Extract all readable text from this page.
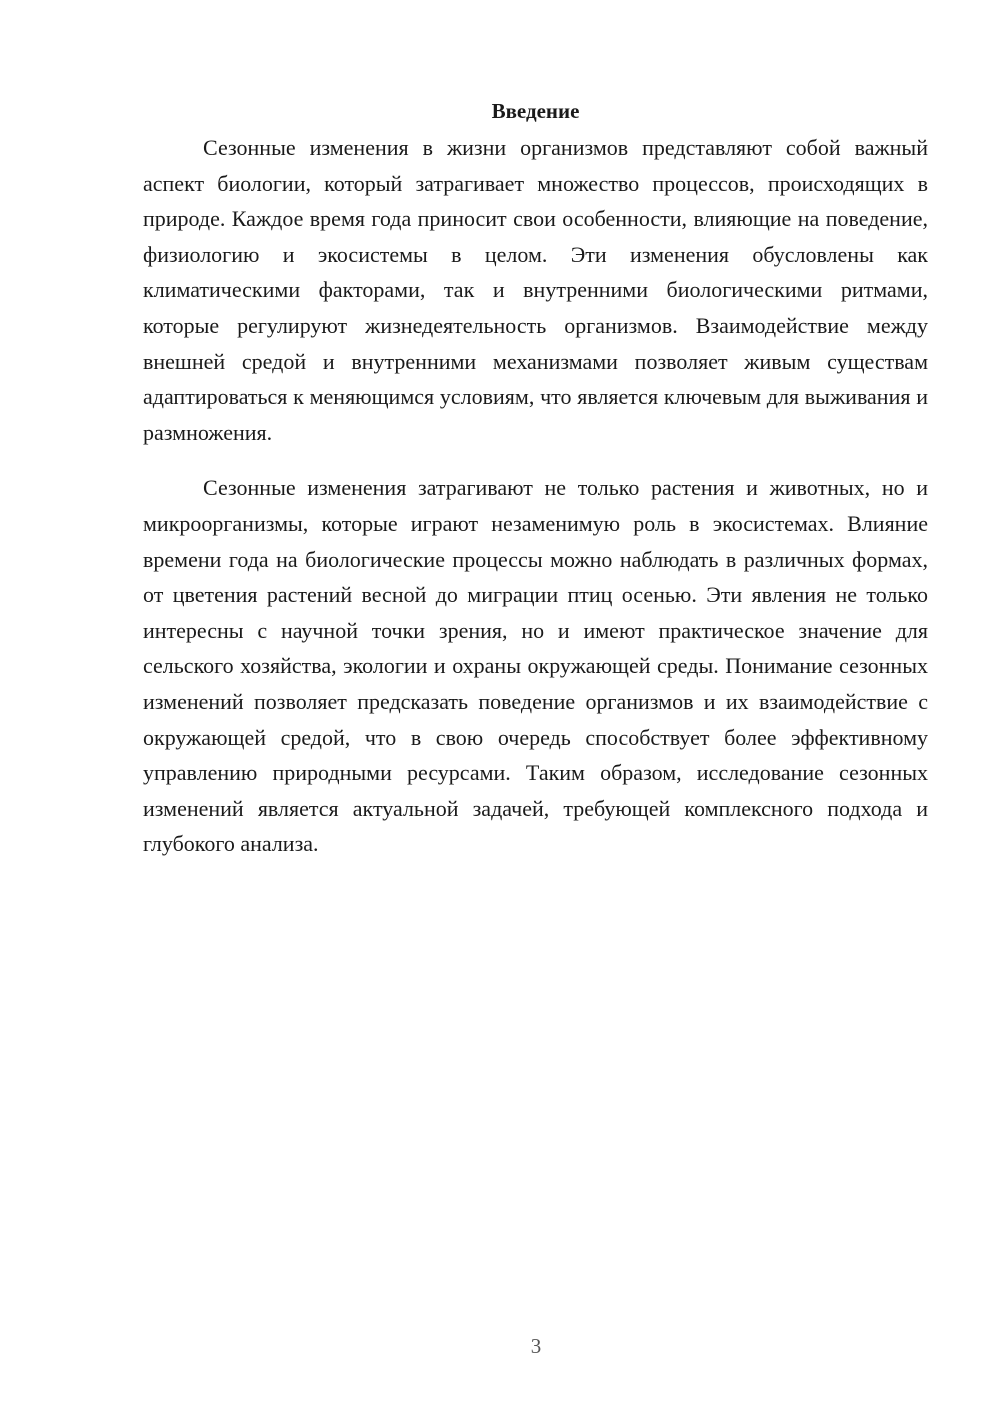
Введение

Сезонные изменения в жизни организмов представляют собой важный аспект биологии, который затрагивает множество процессов, происходящих в природе. Каждое время года приносит свои особенности, влияющие на поведение, физиологию и экосистемы в целом. Эти изменения обусловлены как климатическими факторами, так и внутренними биологическими ритмами, которые регулируют жизнедеятельность организмов. Взаимодействие между внешней средой и внутренними механизмами позволяет живым существам адаптироваться к меняющимся условиям, что является ключевым для выживания и размножения.

Сезонные изменения затрагивают не только растения и животных, но и микроорганизмы, которые играют незаменимую роль в экосистемах. Влияние времени года на биологические процессы можно наблюдать в различных формах, от цветения растений весной до миграции птиц осенью. Эти явления не только интересны с научной точки зрения, но и имеют практическое значение для сельского хозяйства, экологии и охраны окружающей среды. Понимание сезонных изменений позволяет предсказать поведение организмов и их взаимодействие с окружающей средой, что в свою очередь способствует более эффективному управлению природными ресурсами. Таким образом, исследование сезонных изменений является актуальной задачей, требующей комплексного подхода и глубокого анализа.

3
